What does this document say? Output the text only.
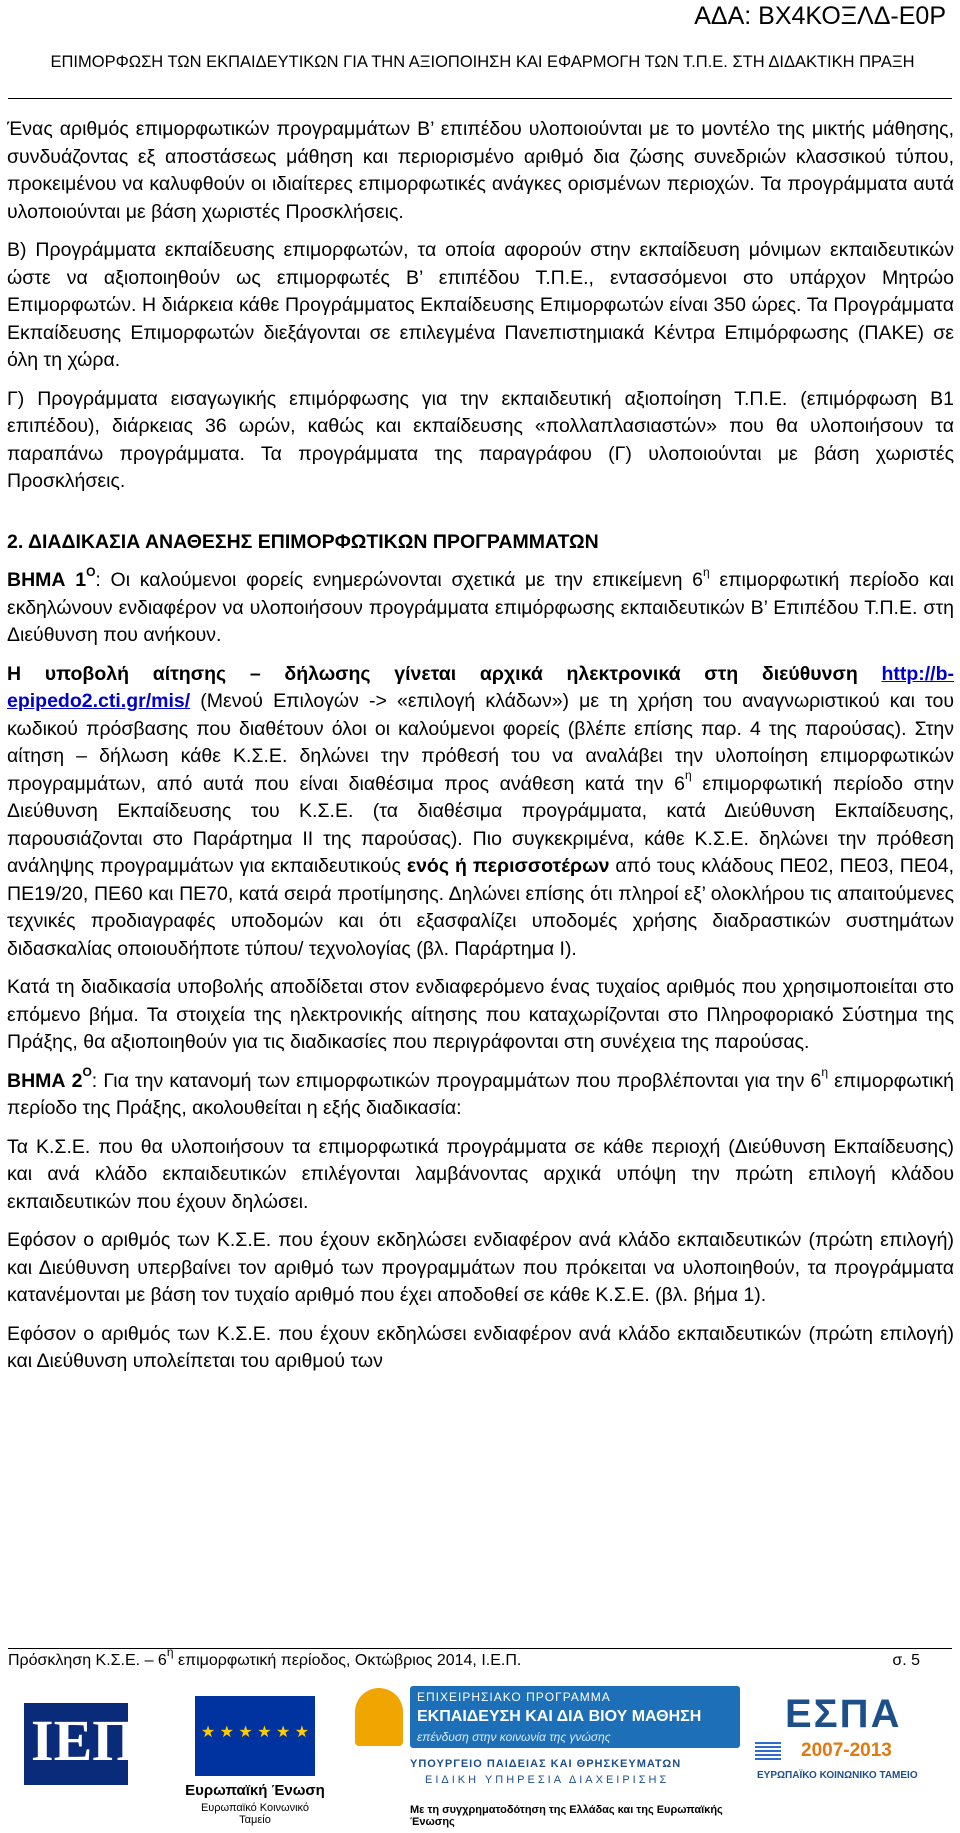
ΑΔΑ: ΒΧ4ΚΟΞΛΔ-Ε0Ρ
ΕΠΙΜΟΡΦΩΣΗ ΤΩΝ ΕΚΠΑΙΔΕΥΤΙΚΩΝ ΓΙΑ ΤΗΝ ΑΞΙΟΠΟΙΗΣΗ ΚΑΙ ΕΦΑΡΜΟΓΗ ΤΩΝ Τ.Π.Ε. ΣΤΗ ΔΙΔΑΚΤΙΚΗ ΠΡΑΞΗ

Ένας αριθμός επιμορφωτικών προγραμμάτων Β’ επιπέδου υλοποιούνται με το μοντέλο της μικτής μάθησης, συνδυάζοντας εξ αποστάσεως μάθηση και περιορισμένο αριθμό δια ζώσης συνεδριών κλασσικού τύπου, προκειμένου να καλυφθούν οι ιδιαίτερες επιμορφωτικές ανάγκες ορισμένων περιοχών. Τα προγράμματα αυτά υλοποιούνται με βάση χωριστές Προσκλήσεις.

Β) Προγράμματα εκπαίδευσης επιμορφωτών, τα οποία αφορούν στην εκπαίδευση μόνιμων εκπαιδευτικών ώστε να αξιοποιηθούν ως επιμορφωτές Β’ επιπέδου Τ.Π.Ε., εντασσόμενοι στο υπάρχον Μητρώο Επιμορφωτών. Η διάρκεια κάθε Προγράμματος Εκπαίδευσης Επιμορφωτών είναι 350 ώρες. Τα Προγράμματα Εκπαίδευσης Επιμορφωτών διεξάγονται σε επιλεγμένα Πανεπιστημιακά Κέντρα Επιμόρφωσης (ΠΑΚΕ) σε όλη τη χώρα.

Γ) Προγράμματα εισαγωγικής επιμόρφωσης για την εκπαιδευτική αξιοποίηση Τ.Π.Ε. (επιμόρφωση Β1 επιπέδου), διάρκειας 36 ωρών, καθώς και εκπαίδευσης «πολλαπλασιαστών» που θα υλοποιήσουν τα παραπάνω προγράμματα. Τα προγράμματα της παραγράφου (Γ) υλοποιούνται με βάση χωριστές Προσκλήσεις.

2. ΔΙΑΔΙΚΑΣΙΑ ΑΝΑΘΕΣΗΣ ΕΠΙΜΟΡΦΩΤΙΚΩΝ ΠΡΟΓΡΑΜΜΑΤΩΝ

ΒΗΜΑ $1^O$: Οι καλούμενοι φορείς ενημερώνονται σχετικά με την επικείμενη $6^\eta$ επιμορφωτική περίοδο και εκδηλώνουν ενδιαφέρον να υλοποιήσουν προγράμματα επιμόρφωσης εκπαιδευτικών Β’ Επιπέδου Τ.Π.Ε. στη Διεύθυνση που ανήκουν.

Η υποβολή αίτησης – δήλωσης γίνεται αρχικά ηλεκτρονικά στη διεύθυνση http://b-epipedo2.cti.gr/mis/ (Μενού Επιλογών -> «επιλογή κλάδων») με τη χρήση του αναγνωριστικού και του κωδικού πρόσβασης που διαθέτουν όλοι οι καλούμενοι φορείς (βλέπε επίσης παρ. 4 της παρούσας). Στην αίτηση – δήλωση κάθε Κ.Σ.Ε. δηλώνει την πρόθεσή του να αναλάβει την υλοποίηση επιμορφωτικών προγραμμάτων, από αυτά που είναι διαθέσιμα προς ανάθεση κατά την $6^\eta$ επιμορφωτική περίοδο στην Διεύθυνση Εκπαίδευσης του Κ.Σ.Ε. (τα διαθέσιμα προγράμματα, κατά Διεύθυνση Εκπαίδευσης, παρουσιάζονται στο Παράρτημα ΙΙ της παρούσας). Πιο συγκεκριμένα, κάθε Κ.Σ.Ε. δηλώνει την πρόθεση ανάληψης προγραμμάτων για εκπαιδευτικούς ενός ή περισσοτέρων από τους κλάδους ΠΕ02, ΠΕ03, ΠΕ04, ΠΕ19/20, ΠΕ60 και ΠΕ70, κατά σειρά προτίμησης. Δηλώνει επίσης ότι πληροί εξ’ ολοκλήρου τις απαιτούμενες τεχνικές προδιαγραφές υποδομών και ότι εξασφαλίζει υποδομές χρήσης διαδραστικών συστημάτων διδασκαλίας οποιουδήποτε τύπου/ τεχνολογίας (βλ. Παράρτημα Ι).

Κατά τη διαδικασία υποβολής αποδίδεται στον ενδιαφερόμενο ένας τυχαίος αριθμός που χρησιμοποιείται στο επόμενο βήμα. Τα στοιχεία της ηλεκτρονικής αίτησης που καταχωρίζονται στο Πληροφοριακό Σύστημα της Πράξης, θα αξιοποιηθούν για τις διαδικασίες που περιγράφονται στη συνέχεια της παρούσας.

ΒΗΜΑ $2^O$: Για την κατανομή των επιμορφωτικών προγραμμάτων που προβλέπονται για την $6^\eta$ επιμορφωτική περίοδο της Πράξης, ακολουθείται η εξής διαδικασία:

Τα Κ.Σ.Ε. που θα υλοποιήσουν τα επιμορφωτικά προγράμματα σε κάθε περιοχή (Διεύθυνση Εκπαίδευσης) και ανά κλάδο εκπαιδευτικών επιλέγονται λαμβάνοντας αρχικά υπόψη την πρώτη επιλογή κλάδου εκπαιδευτικών που έχουν δηλώσει.

Εφόσον ο αριθμός των Κ.Σ.Ε. που έχουν εκδηλώσει ενδιαφέρον ανά κλάδο εκπαιδευτικών (πρώτη επιλογή) και Διεύθυνση υπερβαίνει τον αριθμό των προγραμμάτων που πρόκειται να υλοποιηθούν, τα προγράμματα κατανέμονται με βάση τον τυχαίο αριθμό που έχει αποδοθεί σε κάθε Κ.Σ.Ε. (βλ. βήμα 1).

Εφόσον ο αριθμός των Κ.Σ.Ε. που έχουν εκδηλώσει ενδιαφέρον ανά κλάδο εκπαιδευτικών (πρώτη επιλογή) και Διεύθυνση υπολείπεται του αριθμού των

Πρόσκληση Κ.Σ.Ε. – $6^\eta$ επιμορφωτική περίοδος, Οκτώβριος 2014, Ι.Ε.Π.	σ. 5
ΙΕΠ	★ ★ ★ ★ ★ ★
Ευρωπαϊκή Ένωση
Ευρωπαϊκό Κοινωνικό Ταμείο
ΕΠΙΧΕΙΡΗΣΙΑΚΟ ΠΡΟΓΡΑΜΜΑ
ΕΚΠΑΙΔΕΥΣΗ ΚΑΙ ΔΙΑ ΒΙΟΥ ΜΑΘΗΣΗ
επένδυση στην κοινωνία της γνώσης
ΥΠΟΥΡΓΕΙΟ ΠΑΙΔΕΙΑΣ ΚΑΙ ΘΡΗΣΚΕΥΜΑΤΩΝ
ΕΙΔΙΚΗ ΥΠΗΡΕΣΙΑ ΔΙΑΧΕΙΡΙΣΗΣ
Με τη συγχρηματοδότηση της Ελλάδας και της Ευρωπαϊκής Ένωσης
ΕΣΠΑ
2007-2013
ΕΥΡΩΠΑΪΚΟ ΚΟΙΝΩΝΙΚΟ ΤΑΜΕΙΟ
